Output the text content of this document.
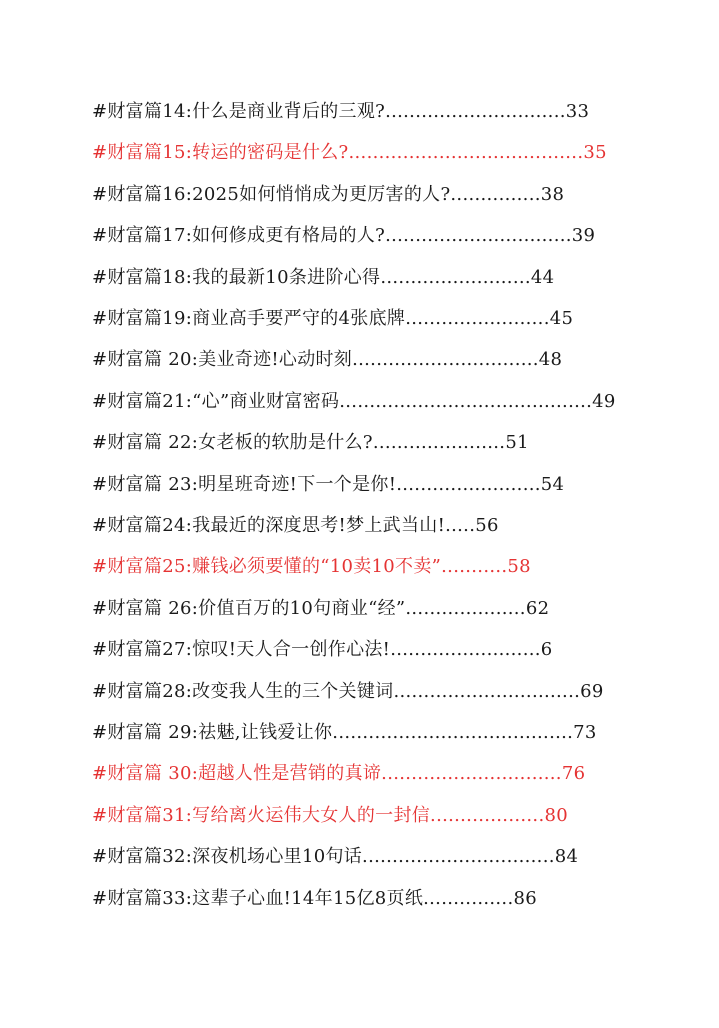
#财富篇14:什么是商业背后的三观?..............................33
#财富篇15:转运的密码是什么?.......................................35
#财富篇16:2025如何悄悄成为更厉害的人?...............38
#财富篇17:如何修成更有格局的人?...............................39
#财富篇18:我的最新10条进阶心得.........................44
#财富篇19:商业高手要严守的4张底牌........................45
#财富篇 20:美业奇迹!心动时刻...............................48
#财富篇21:“心”商业财富密码..........................................49
#财富篇 22:女老板的软肋是什么?......................51
#财富篇 23:明星班奇迹!下一个是你!........................54
#财富篇24:我最近的深度思考!梦上武当山!.....56
#财富篇25:赚钱必须要懂的“10卖10不卖”...........58
#财富篇 26:价值百万的10句商业“经”....................62
#财富篇27:惊叹!天人合一创作心法!.........................6
#财富篇28:改变我人生的三个关键词...............................69
#财富篇 29:祛魅,让钱爱让你........................................73
#财富篇 30:超越人性是营销的真谛..............................76
#财富篇31:写给离火运伟大女人的一封信...................80
#财富篇32:深夜机场心里10句话................................84
#财富篇33:这辈子心血!14年15亿8页纸...............86
